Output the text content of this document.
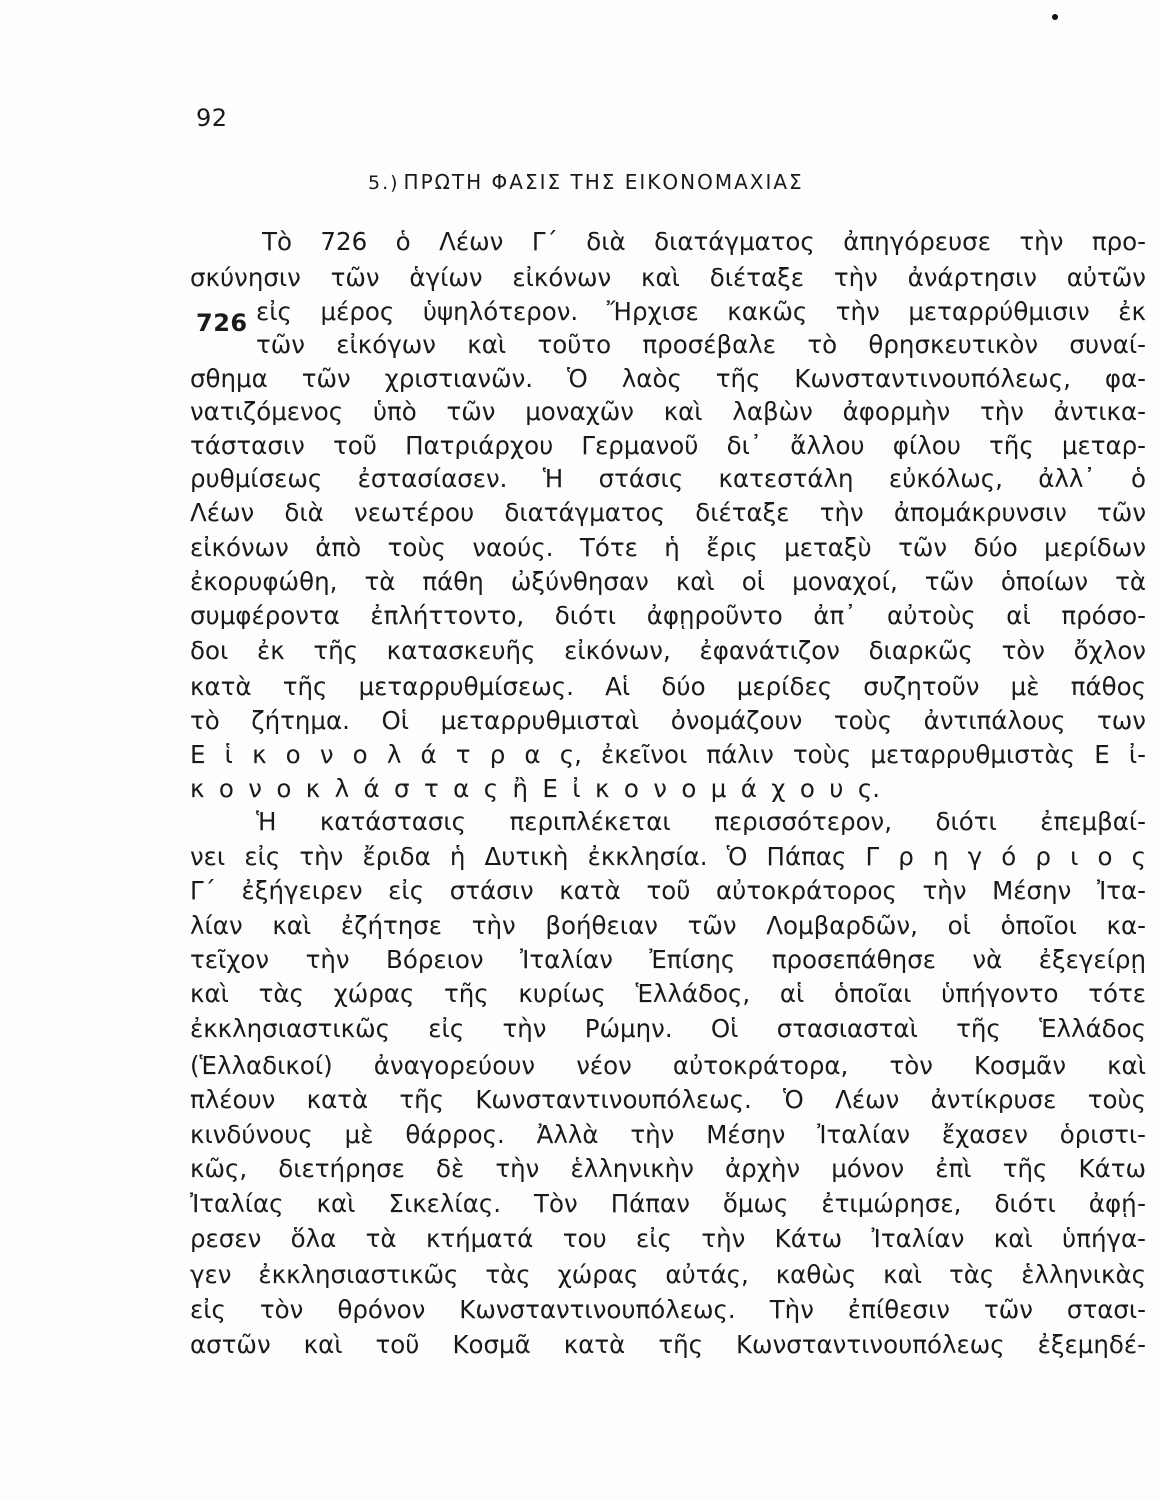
92
5.) ΠΡΩΤΗ ΦΑΣΙΣ ΤΗΣ ΕΙΚΟΝΟΜΑΧΙΑΣ
726
Τὸ 726 ὁ Λέων Γ΄ διὰ διατάγματος ἀπηγόρευσε τὴν προ-
σκύνησιν τῶν ἁγίων εἰκόνων καὶ διέταξε τὴν ἀνάρτησιν αὐτῶν
εἰς μέρος ὑψηλότερον. Ἤρχισε κακῶς τὴν μεταρρύθμισιν ἐκ
τῶν εἰκόγων καὶ τοῦτο προσέβαλε τὸ θρησκευτικὸν συναί-
σθημα τῶν χριστιανῶν. Ὁ λαὸς τῆς Κωνσταντινουπόλεως, φα-
νατιζόμενος ὑπὸ τῶν μοναχῶν καὶ λαβὼν ἀφορμὴν τὴν ἀντικα-
τάστασιν τοῦ Πατριάρχου Γερμανοῦ δι᾽ ἄλλου φίλου τῆς μεταρ-
ρυθμίσεως ἐστασίασεν. Ἡ στάσις κατεστάλη εὐκόλως, ἀλλ᾽ ὁ
Λέων διὰ νεωτέρου διατάγματος διέταξε τὴν ἀπομάκρυνσιν τῶν
εἰκόνων ἀπὸ τοὺς ναούς. Τότε ἡ ἔρις μεταξὺ τῶν δύο μερίδων
ἐκορυφώθη, τὰ πάθη ὠξύνθησαν καὶ οἱ μοναχοί, τῶν ὁποίων τὰ
συμφέροντα ἐπλήττοντο, διότι ἀφῃροῦντο ἀπ᾽ αὐτοὺς αἱ πρόσο-
δοι ἐκ τῆς κατασκευῆς εἰκόνων, ἐφανάτιζον διαρκῶς τὸν ὄχλον
κατὰ τῆς μεταρρυθμίσεως. Αἱ δύο μερίδες συζητοῦν μὲ πάθος
τὸ ζήτημα. Οἱ μεταρρυθμισταὶ ὀνομάζουν τοὺς ἀντιπάλους των
Ε ἱ κ ο ν ο λ ά τ ρ α ς, ἐκεῖνοι πάλιν τοὺς μεταρρυθμιστὰς Ε ἰ-
κ ο ν ο κ λ ά σ τ α ς ἢ Ε ἰ κ ο ν ο μ ά χ ο υ ς.
Ἡ κατάστασις περιπλέκεται περισσότερον, διότι ἐπεμβαί-
νει εἰς τὴν ἔριδα ἡ Δυτικὴ ἐκκλησία. Ὁ Πάπας Γ ρ η γ ό ρ ι ο ς
Γ΄ ἐξήγειρεν εἰς στάσιν κατὰ τοῦ αὐτοκράτορος τὴν Μέσην Ἰτα-
λίαν καὶ ἐζήτησε τὴν βοήθειαν τῶν Λομβαρδῶν, οἱ ὁποῖοι κα-
τεῖχον τὴν Βόρειον Ἰταλίαν Ἐπίσης προσεπάθησε νὰ ἐξεγείρῃ
καὶ τὰς χώρας τῆς κυρίως Ἑλλάδος, αἱ ὁποῖαι ὑπήγοντο τότε
ἐκκλησιαστικῶς εἰς τὴν Ρώμην. Οἱ στασιασταὶ τῆς Ἑλλάδος
(Ἑλλαδικοί) ἀναγορεύουν νέον αὐτοκράτορα, τὸν Κοσμᾶν καὶ
πλέουν κατὰ τῆς Κωνσταντινουπόλεως. Ὁ Λέων ἀντίκρυσε τοὺς
κινδύνους μὲ θάρρος. Ἀλλὰ τὴν Μέσην Ἰταλίαν ἔχασεν ὁριστι-
κῶς, διετήρησε δὲ τὴν ἑλληνικὴν ἀρχὴν μόνον ἐπὶ τῆς Κάτω
Ἰταλίας καὶ Σικελίας. Τὸν Πάπαν ὅμως ἐτιμώρησε, διότι ἀφῄ-
ρεσεν ὅλα τὰ κτήματά του εἰς τὴν Κάτω Ἰταλίαν καὶ ὑπήγα-
γεν ἐκκλησιαστικῶς τὰς χώρας αὐτάς, καθὼς καὶ τὰς ἑλληνικὰς
εἰς τὸν θρόνον Κωνσταντινουπόλεως. Τὴν ἐπίθεσιν τῶν στασι-
αστῶν καὶ τοῦ Κοσμᾶ κατὰ τῆς Κωνσταντινουπόλεως ἐξεμηδέ-
